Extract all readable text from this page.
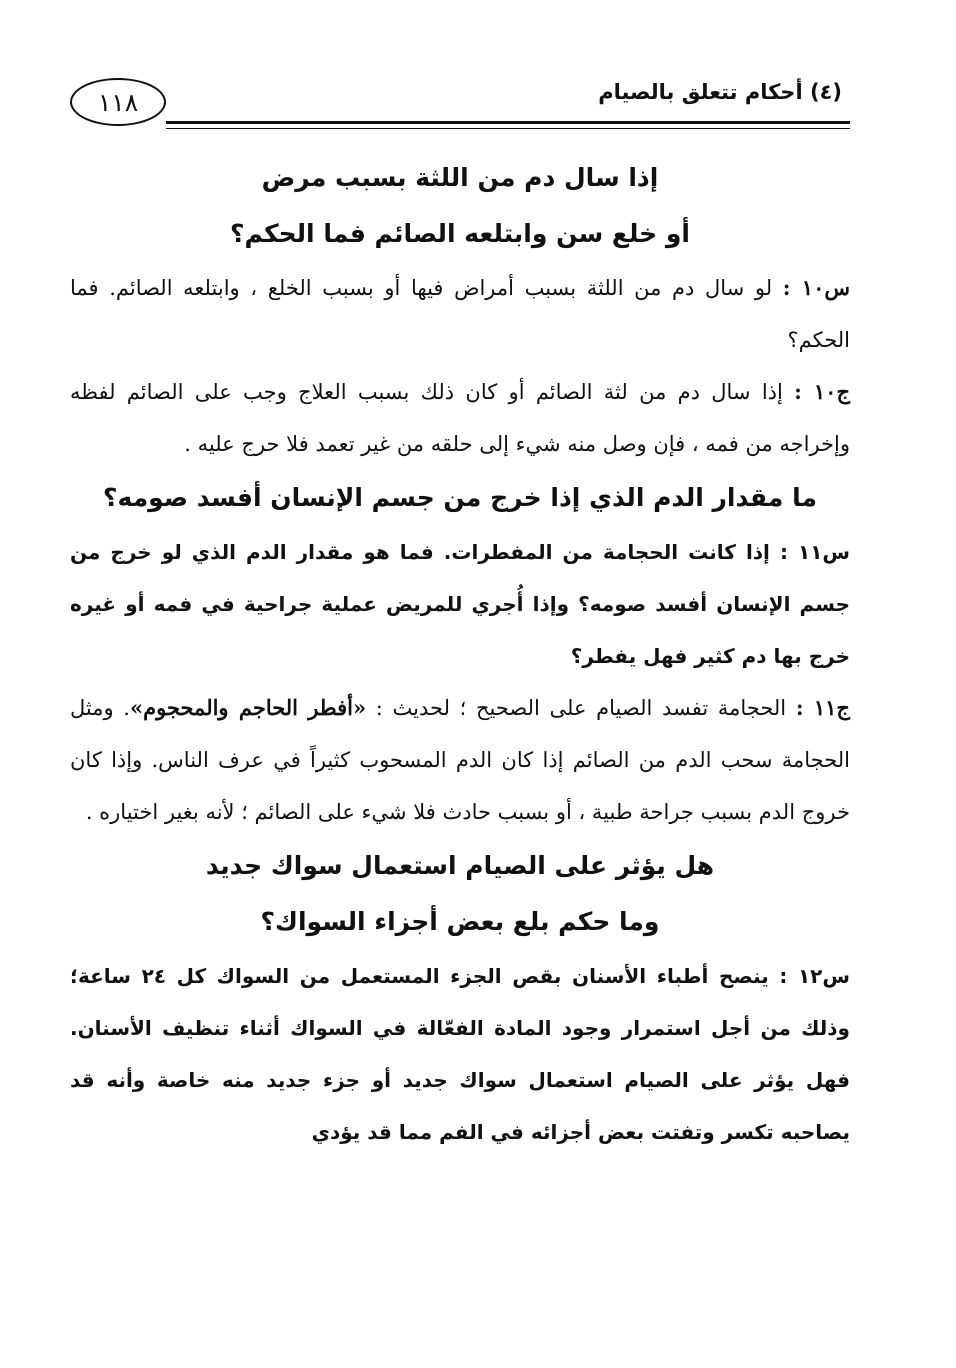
١١٨	(٤) أحكام تتعلق بالصيام
إذا سال دم من اللثة بسبب مرض
أو خلع سن وابتلعه الصائم فما الحكم؟

س١٠ : لو سال دم من اللثة بسبب أمراض فيها أو بسبب الخلع ، وابتلعه الصائم. فما الحكم؟

ج١٠ : إذا سال دم من لثة الصائم أو كان ذلك بسبب العلاج وجب على الصائم لفظه وإخراجه من فمه ، فإن وصل منه شيء إلى حلقه من غير تعمد فلا حرج عليه .

ما مقدار الدم الذي إذا خرج من جسم الإنسان أفسد صومه؟

س١١ : إذا كانت الحجامة من المفطرات. فما هو مقدار الدم الذي لو خرج من جسم الإنسان أفسد صومه؟ وإذا أُجري للمريض عملية جراحية في فمه أو غيره خرج بها دم كثير فهل يفطر؟

ج١١ : الحجامة تفسد الصيام على الصحيح ؛ لحديث : «أفطر الحاجم والمحجوم». ومثل الحجامة سحب الدم من الصائم إذا كان الدم المسحوب كثيراً في عرف الناس. وإذا كان خروج الدم بسبب جراحة طبية ، أو بسبب حادث فلا شيء على الصائم ؛ لأنه بغير اختياره .

هل يؤثر على الصيام استعمال سواك جديد
وما حكم بلع بعض أجزاء السواك؟

س١٢ : ينصح أطباء الأسنان بقص الجزء المستعمل من السواك كل ٢٤ ساعة؛ وذلك من أجل استمرار وجود المادة الفعّالة في السواك أثناء تنظيف الأسنان. فهل يؤثر على الصيام استعمال سواك جديد أو جزء جديد منه خاصة وأنه قد يصاحبه تكسر وتفتت بعض أجزائه في الفم مما قد يؤدي
